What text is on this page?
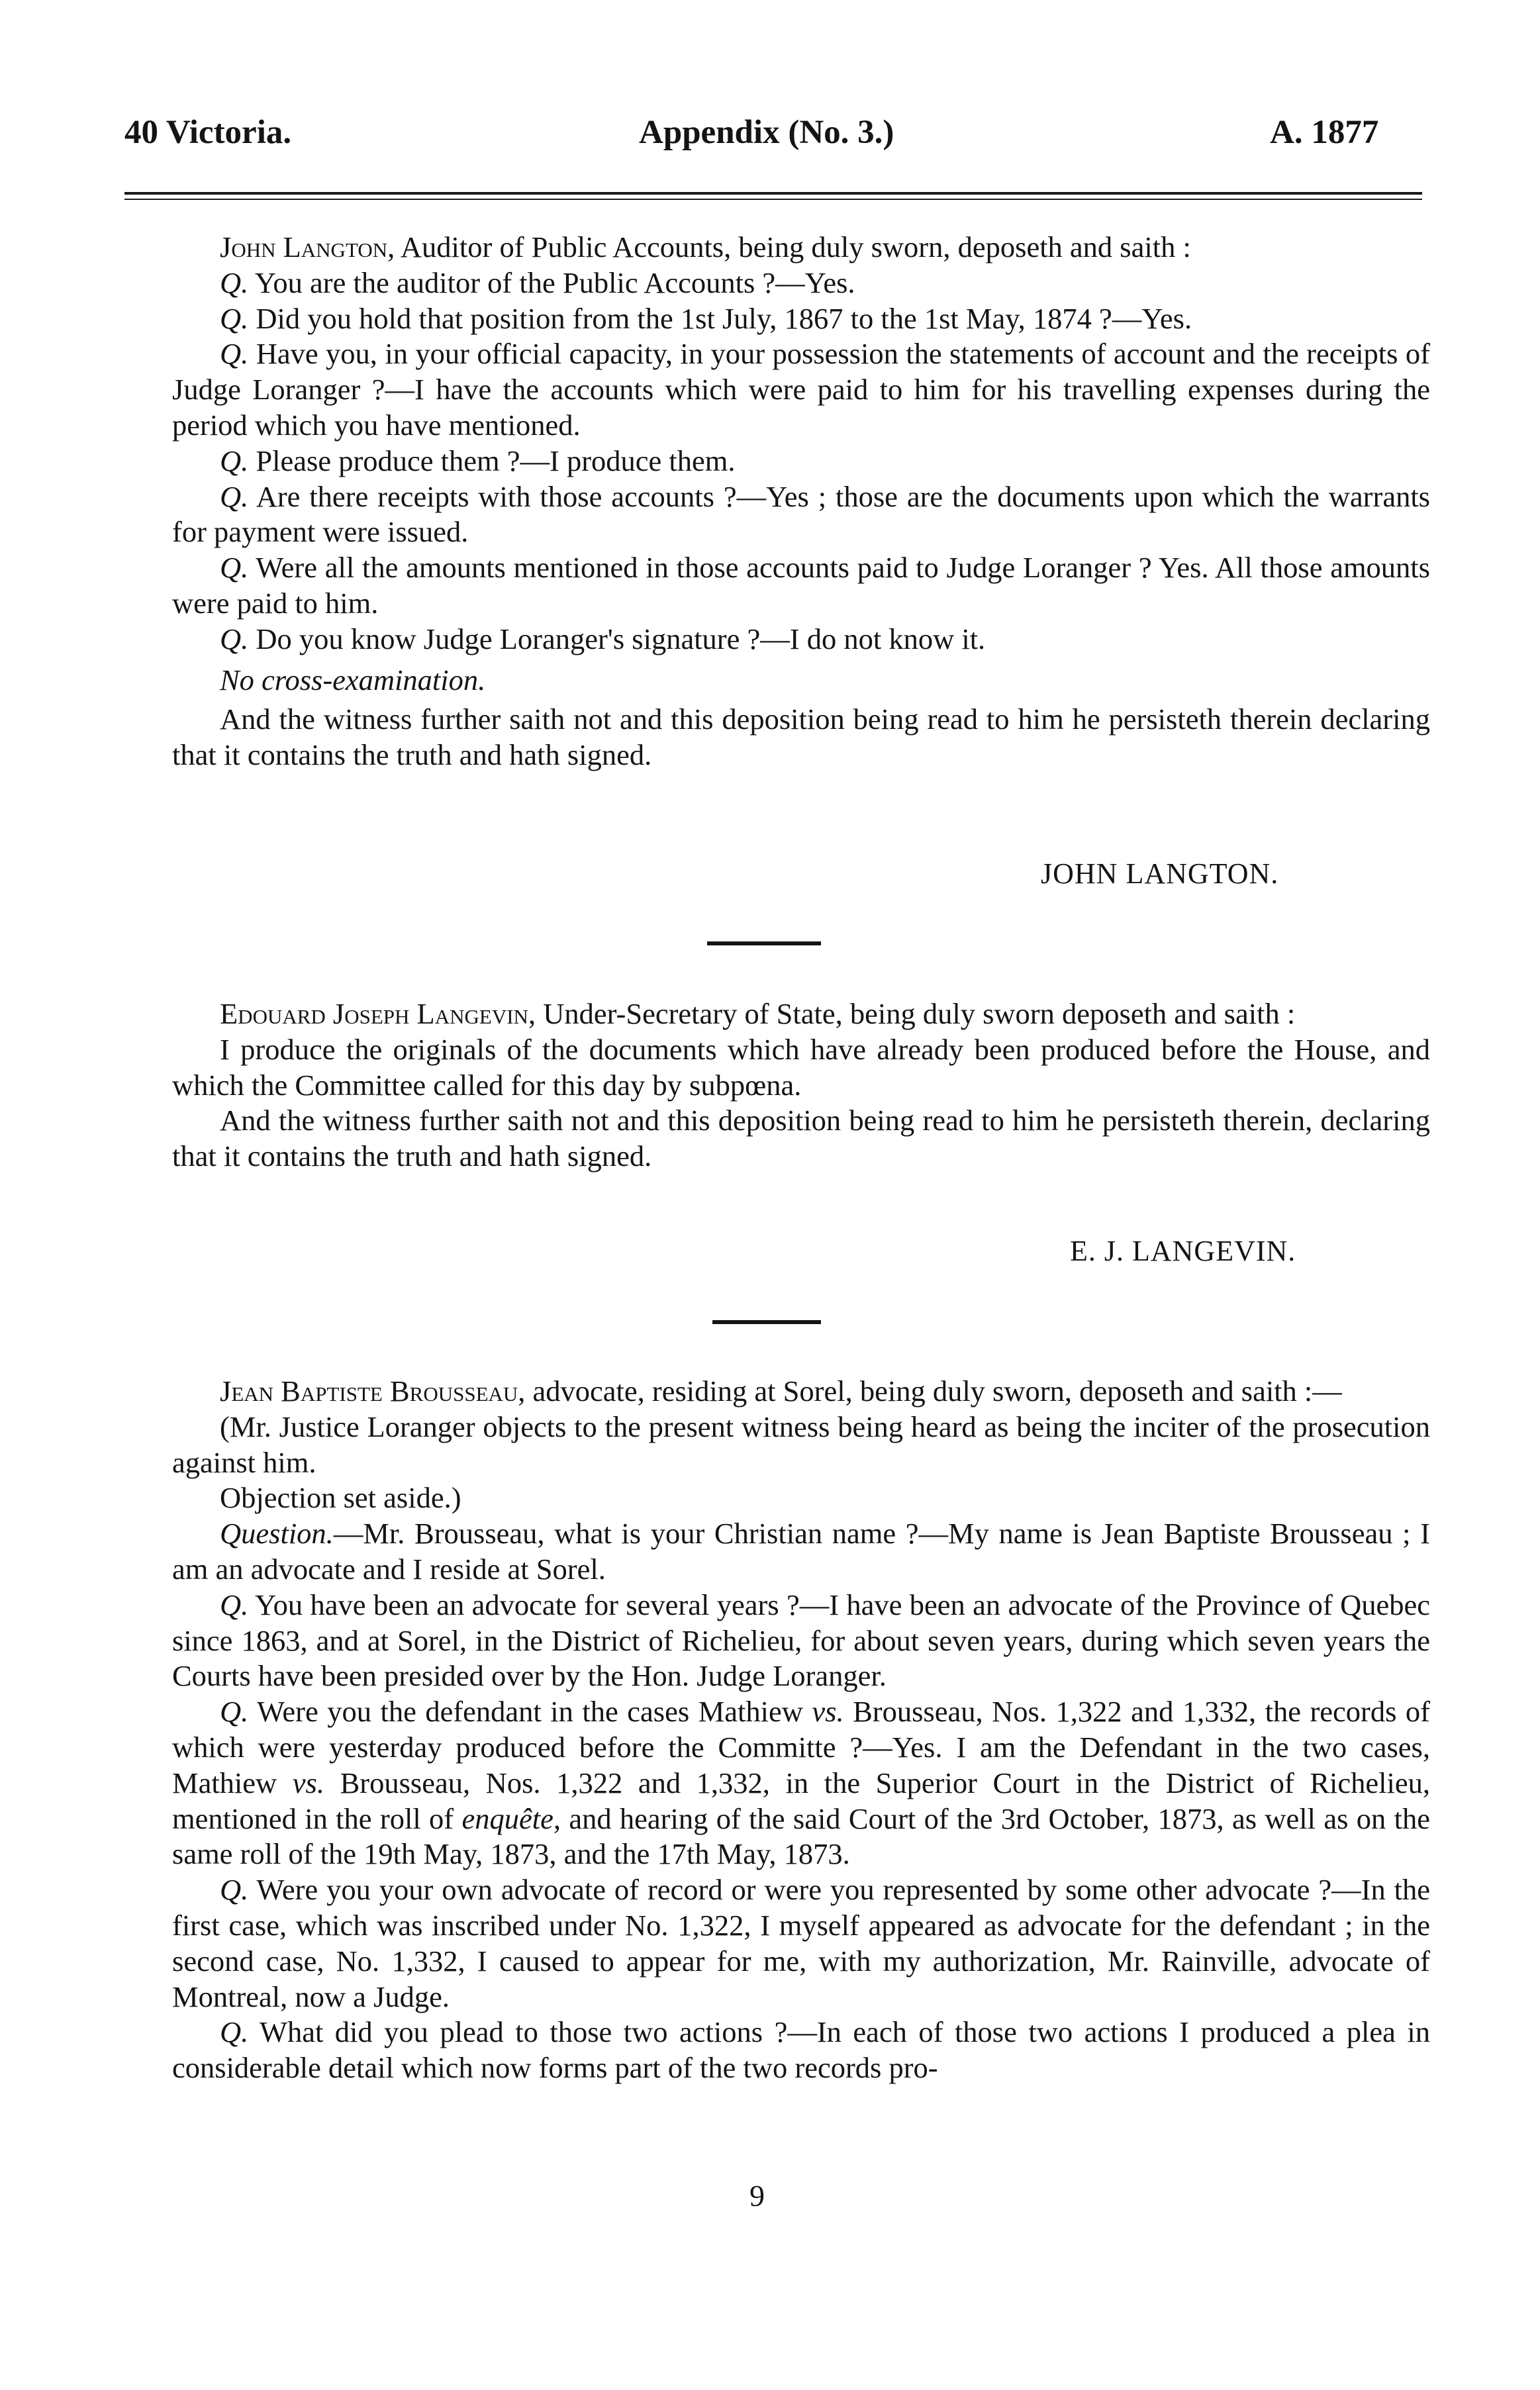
40 Victoria.	Appendix (No. 3.)	A. 1877

John Langton, Auditor of Public Accounts, being duly sworn, deposeth and saith :

Q. You are the auditor of the Public Accounts ?—Yes.

Q. Did you hold that position from the 1st July, 1867 to the 1st May, 1874 ?—Yes.

Q. Have you, in your official capacity, in your possession the statements of account and the receipts of Judge Loranger ?—I have the accounts which were paid to him for his travelling expenses during the period which you have mentioned.

Q. Please produce them ?—I produce them.

Q. Are there receipts with those accounts ?—Yes ; those are the documents upon which the warrants for payment were issued.

Q. Were all the amounts mentioned in those accounts paid to Judge Loranger ? Yes. All those amounts were paid to him.

Q. Do you know Judge Loranger's signature ?—I do not know it.

No cross-examination.

And the witness further saith not and this deposition being read to him he persisteth therein declaring that it contains the truth and hath signed.

JOHN LANGTON.

Edouard Joseph Langevin, Under-Secretary of State, being duly sworn deposeth and saith :

I produce the originals of the documents which have already been produced before the House, and which the Committee called for this day by subpœna.

And the witness further saith not and this deposition being read to him he persisteth therein, declaring that it contains the truth and hath signed.

E. J. LANGEVIN.

Jean Baptiste Brousseau, advocate, residing at Sorel, being duly sworn, deposeth and saith :—

(Mr. Justice Loranger objects to the present witness being heard as being the inciter of the prosecution against him.

Objection set aside.)

Question.—Mr. Brousseau, what is your Christian name ?—My name is Jean Baptiste Brousseau ; I am an advocate and I reside at Sorel.

Q. You have been an advocate for several years ?—I have been an advocate of the Province of Quebec since 1863, and at Sorel, in the District of Richelieu, for about seven years, during which seven years the Courts have been presided over by the Hon. Judge Loranger.

Q. Were you the defendant in the cases Mathiew vs. Brousseau, Nos. 1,322 and 1,332, the records of which were yesterday produced before the Committe ?—Yes. I am the Defendant in the two cases, Mathiew vs. Brousseau, Nos. 1,322 and 1,332, in the Superior Court in the District of Richelieu, mentioned in the roll of enquête, and hearing of the said Court of the 3rd October, 1873, as well as on the same roll of the 19th May, 1873, and the 17th May, 1873.

Q. Were you your own advocate of record or were you represented by some other advocate ?—In the first case, which was inscribed under No. 1,322, I myself appeared as advocate for the defendant ; in the second case, No. 1,332, I caused to appear for me, with my authorization, Mr. Rainville, advocate of Montreal, now a Judge.

Q. What did you plead to those two actions ?—In each of those two actions I produced a plea in considerable detail which now forms part of the two records pro-

9
